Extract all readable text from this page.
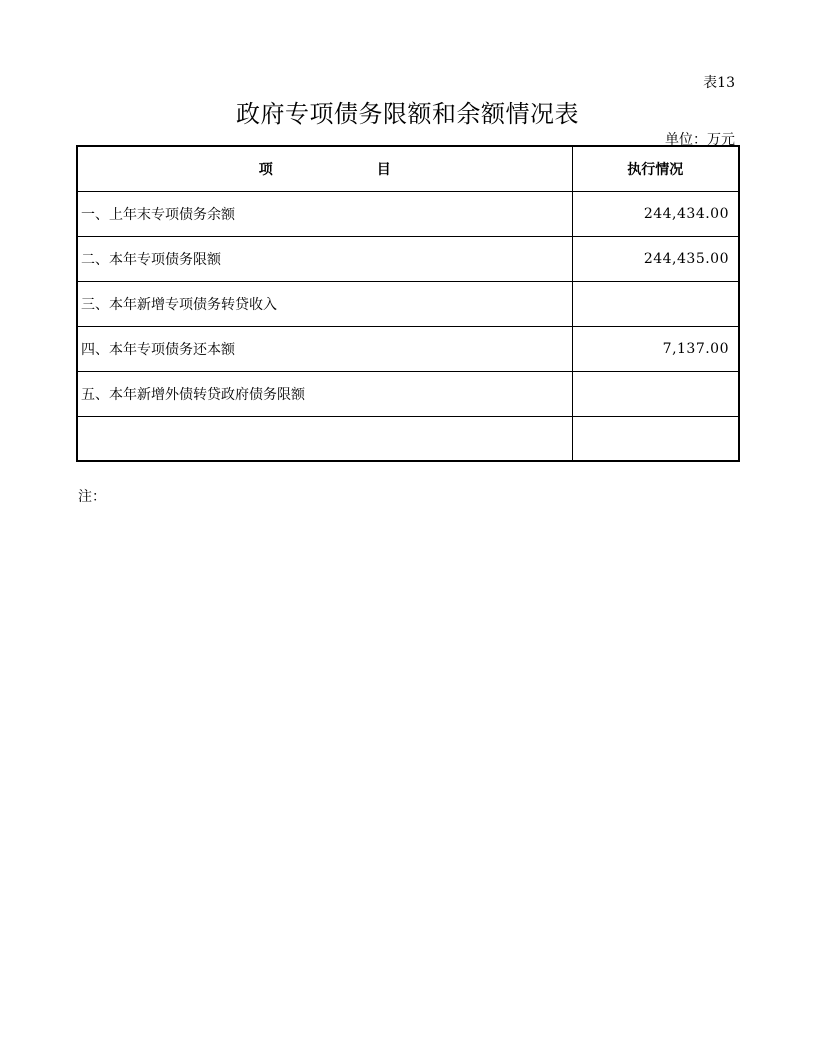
表13
政府专项债务限额和余额情况表
单位：万元
项 目	执行情况
一、上年末专项债务余额	244,434.00
二、本年专项债务限额	244,435.00
三、本年新增专项债务转贷收入	
四、本年专项债务还本额	7,137.00
五、本年新增外债转贷政府债务限额	

注：
